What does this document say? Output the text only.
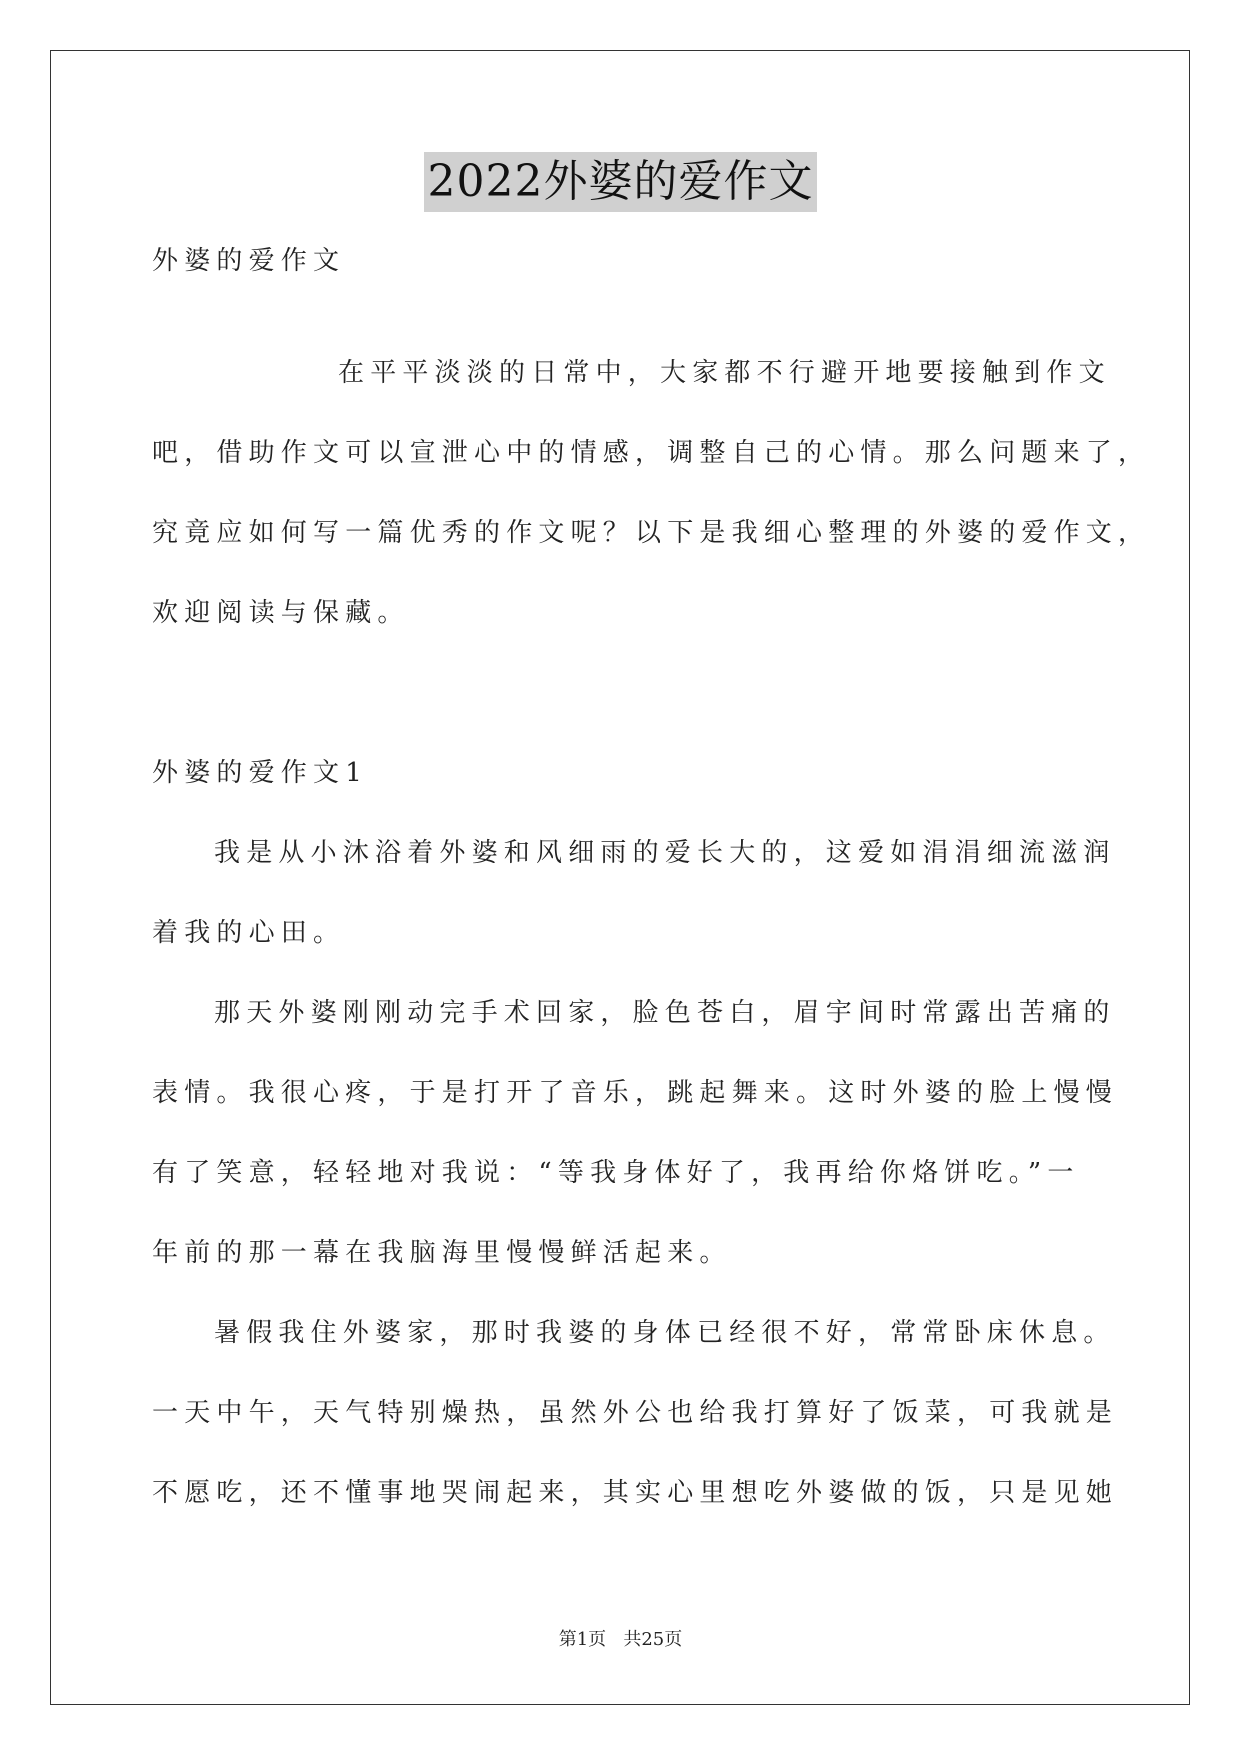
2022外婆的爱作文
外婆的爱作文
在平平淡淡的日常中，大家都不行避开地要接触到作文
吧，借助作文可以宣泄心中的情感，调整自己的心情。那么问题来了，
究竟应如何写一篇优秀的作文呢？以下是我细心整理的外婆的爱作文，
欢迎阅读与保藏。
外婆的爱作文1
我是从小沐浴着外婆和风细雨的爱长大的，这爱如涓涓细流滋润
着我的心田。
那天外婆刚刚动完手术回家，脸色苍白，眉宇间时常露出苦痛的
表情。我很心疼，于是打开了音乐，跳起舞来。这时外婆的脸上慢慢
有了笑意，轻轻地对我说：“等我身体好了，我再给你烙饼吃。”一
年前的那一幕在我脑海里慢慢鲜活起来。
暑假我住外婆家，那时我婆的身体已经很不好，常常卧床休息。
一天中午，天气特别燥热，虽然外公也给我打算好了饭菜，可我就是
不愿吃，还不懂事地哭闹起来，其实心里想吃外婆做的饭，只是见她
第1页   共25页
